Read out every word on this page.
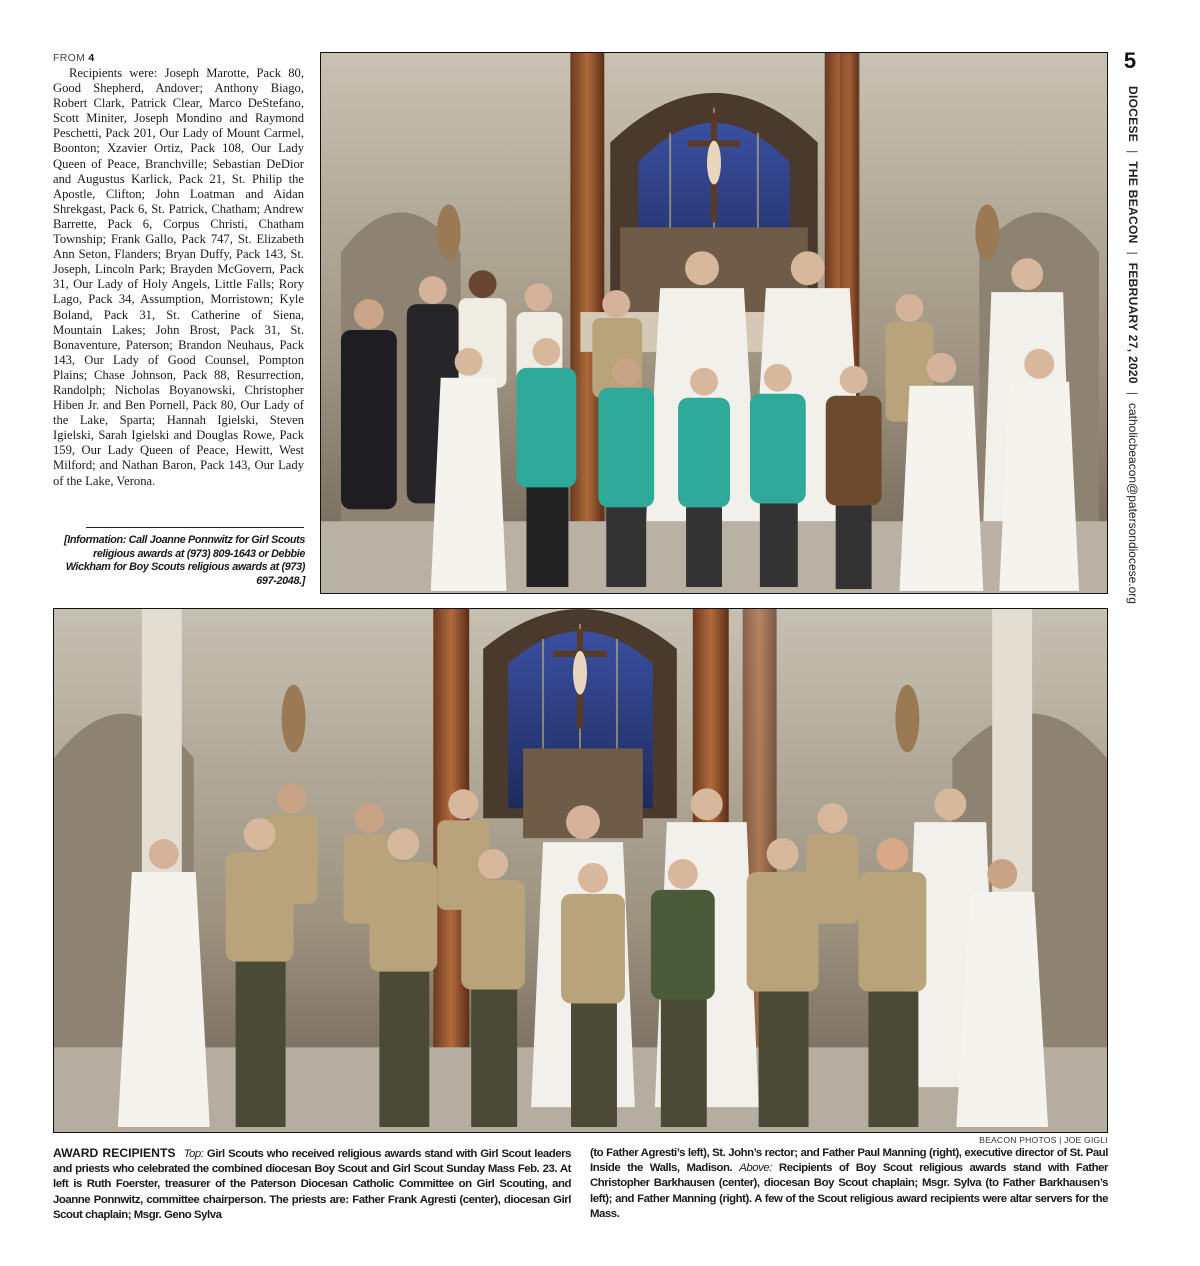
FROM 4
Recipients were: Joseph Marotte, Pack 80, Good Shepherd, Andover; Anthony Biago, Robert Clark, Patrick Clear, Marco DeStefano, Scott Miniter, Joseph Mondino and Raymond Peschetti, Pack 201, Our Lady of Mount Carmel, Boonton; Xzavier Ortiz, Pack 108, Our Lady Queen of Peace, Branchville; Sebastian DeDior and Augustus Karlick, Pack 21, St. Philip the Apostle, Clifton; John Loatman and Aidan Shrekgast, Pack 6, St. Patrick, Chatham; Andrew Barrette, Pack 6, Corpus Christi, Chatham Township; Frank Gallo, Pack 747, St. Elizabeth Ann Seton, Flanders; Bryan Duffy, Pack 143, St. Joseph, Lincoln Park; Brayden McGovern, Pack 31, Our Lady of Holy Angels, Little Falls; Rory Lago, Pack 34, Assumption, Morristown; Kyle Boland, Pack 31, St. Catherine of Siena, Mountain Lakes; John Brost, Pack 31, St. Bonaventure, Paterson; Brandon Neuhaus, Pack 143, Our Lady of Good Counsel, Pompton Plains; Chase Johnson, Pack 88, Resurrection, Randolph; Nicholas Boyanowski, Christopher Hiben Jr. and Ben Pornell, Pack 80, Our Lady of the Lake, Sparta; Hannah Igielski, Steven Igielski, Sarah Igielski and Douglas Rowe, Pack 159, Our Lady Queen of Peace, Hewitt, West Milford; and Nathan Baron, Pack 143, Our Lady of the Lake, Verona.
[Information: Call Joanne Ponnwitz for Girl Scouts religious awards at (973) 809-1643 or Debbie Wickham for Boy Scouts religious awards at (973) 697-2048.]
BEACON PHOTOS | JOE GIGLI
AWARD RECIPIENTS Top: Girl Scouts who received religious awards stand with Girl Scout leaders and priests who celebrated the combined diocesan Boy Scout and Girl Scout Sunday Mass Feb. 23. At left is Ruth Foerster, treasurer of the Paterson Diocesan Catholic Committee on Girl Scouting, and Joanne Ponnwitz, committee chairperson. The priests are: Father Frank Agresti (center), diocesan Girl Scout chaplain; Msgr. Geno Sylva
(to Father Agresti’s left), St. John’s rector; and Father Paul Manning (right), executive director of St. Paul Inside the Walls, Madison. Above: Recipients of Boy Scout religious awards stand with Father Christopher Barkhausen (center), diocesan Boy Scout chaplain; Msgr. Sylva (to Father Barkhausen’s left); and Father Manning (right). A few of the Scout religious award recipients were altar servers for the Mass.
5
DIOCESE|THE BEACON|FEBRUARY 27, 2020|catholicbeacon@patersondiocese.org
